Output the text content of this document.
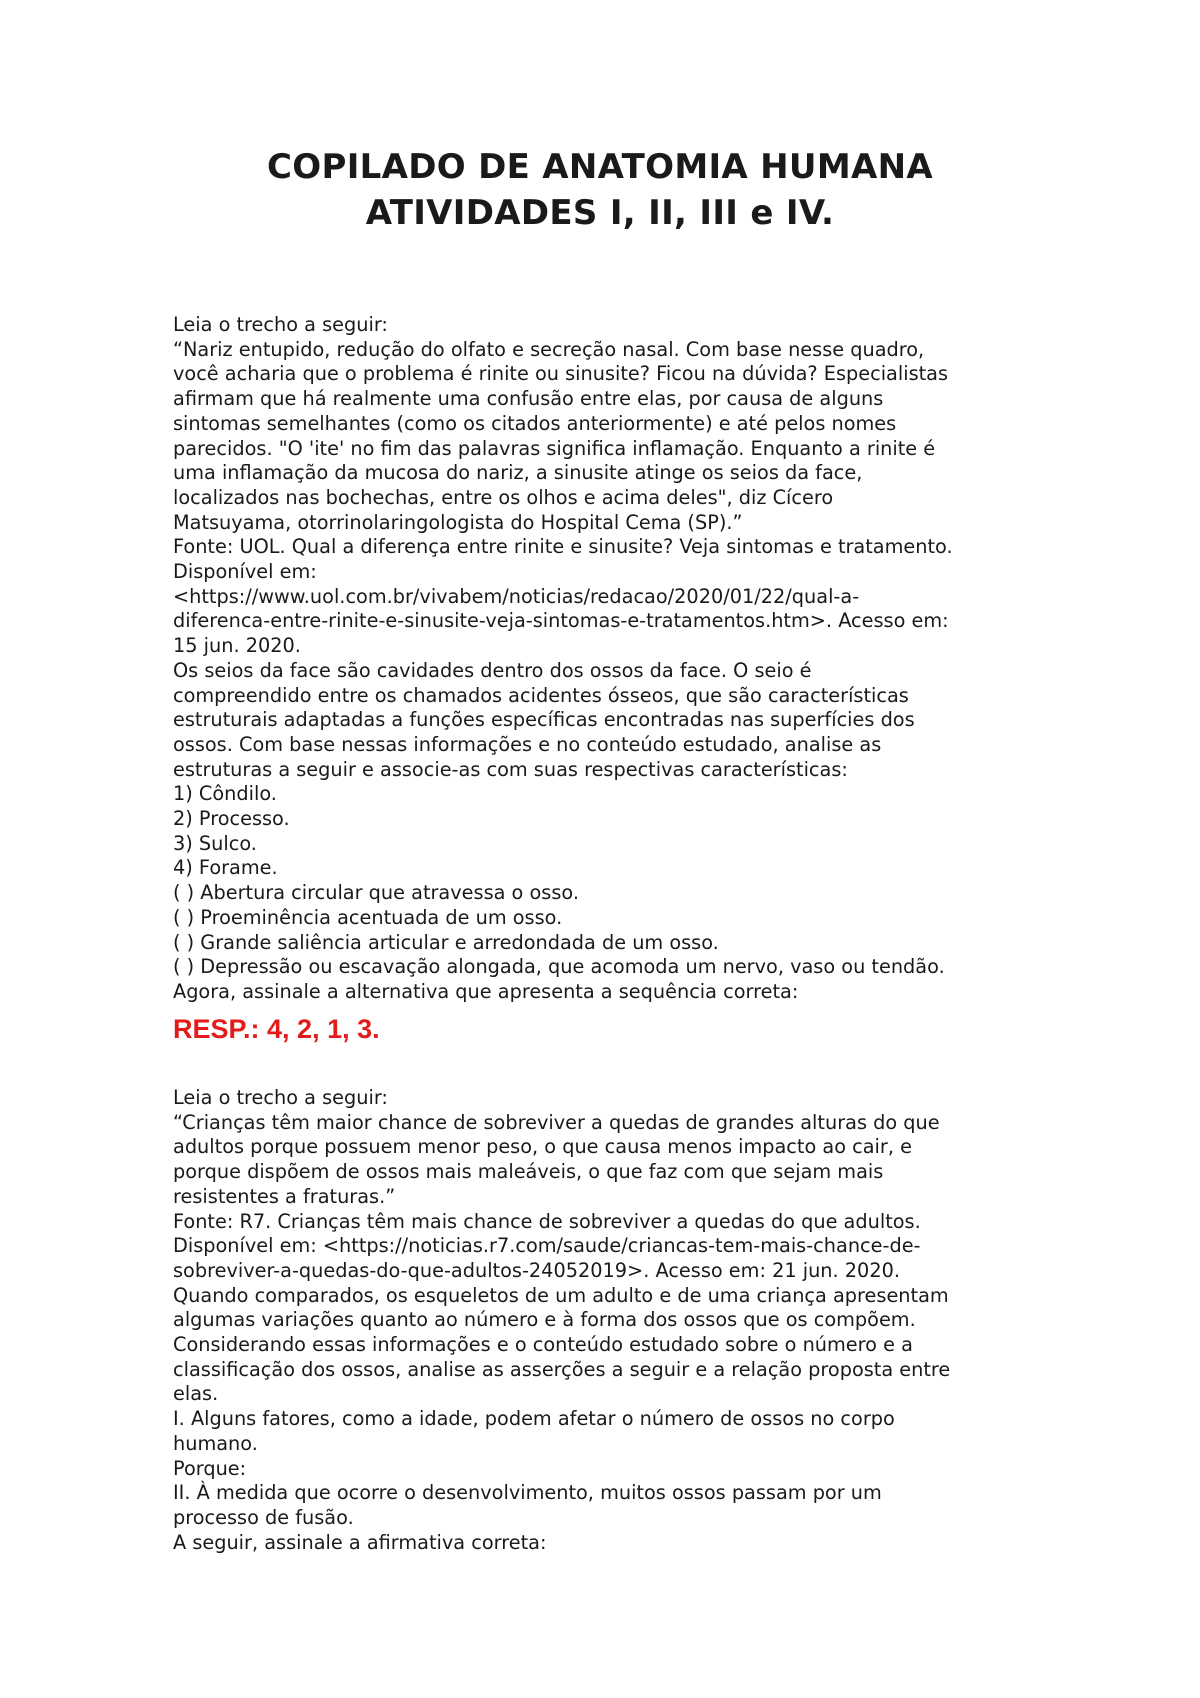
COPILADO DE ANATOMIA HUMANA
ATIVIDADES I, II, III e IV.
Leia o trecho a seguir:
“Nariz entupido, redução do olfato e secreção nasal. Com base nesse quadro,
você acharia que o problema é rinite ou sinusite? Ficou na dúvida? Especialistas
afirmam que há realmente uma confusão entre elas, por causa de alguns
sintomas semelhantes (como os citados anteriormente) e até pelos nomes
parecidos. "O 'ite' no fim das palavras significa inflamação. Enquanto a rinite é
uma inflamação da mucosa do nariz, a sinusite atinge os seios da face,
localizados nas bochechas, entre os olhos e acima deles", diz Cícero
Matsuyama, otorrinolaringologista do Hospital Cema (SP).”
Fonte: UOL. Qual a diferença entre rinite e sinusite? Veja sintomas e tratamento.
Disponível em:
<https://www.uol.com.br/vivabem/noticias/redacao/2020/01/22/qual-a-
diferenca-entre-rinite-e-sinusite-veja-sintomas-e-tratamentos.htm>. Acesso em:
15 jun. 2020.
Os seios da face são cavidades dentro dos ossos da face. O seio é
compreendido entre os chamados acidentes ósseos, que são características
estruturais adaptadas a funções específicas encontradas nas superfícies dos
ossos. Com base nessas informações e no conteúdo estudado, analise as
estruturas a seguir e associe-as com suas respectivas características:
1) Côndilo.
2) Processo.
3) Sulco.
4) Forame.
( ) Abertura circular que atravessa o osso.
( ) Proeminência acentuada de um osso.
( ) Grande saliência articular e arredondada de um osso.
( ) Depressão ou escavação alongada, que acomoda um nervo, vaso ou tendão.
Agora, assinale a alternativa que apresenta a sequência correta:
RESP.: 4, 2, 1, 3.
Leia o trecho a seguir:
“Crianças têm maior chance de sobreviver a quedas de grandes alturas do que
adultos porque possuem menor peso, o que causa menos impacto ao cair, e
porque dispõem de ossos mais maleáveis, o que faz com que sejam mais
resistentes a fraturas.”
Fonte: R7. Crianças têm mais chance de sobreviver a quedas do que adultos.
Disponível em: <https://noticias.r7.com/saude/criancas-tem-mais-chance-de-
sobreviver-a-quedas-do-que-adultos-24052019>. Acesso em: 21 jun. 2020.
Quando comparados, os esqueletos de um adulto e de uma criança apresentam
algumas variações quanto ao número e à forma dos ossos que os compõem.
Considerando essas informações e o conteúdo estudado sobre o número e a
classificação dos ossos, analise as asserções a seguir e a relação proposta entre
elas.
I. Alguns fatores, como a idade, podem afetar o número de ossos no corpo
humano.
Porque:
II. À medida que ocorre o desenvolvimento, muitos ossos passam por um
processo de fusão.
A seguir, assinale a afirmativa correta:
